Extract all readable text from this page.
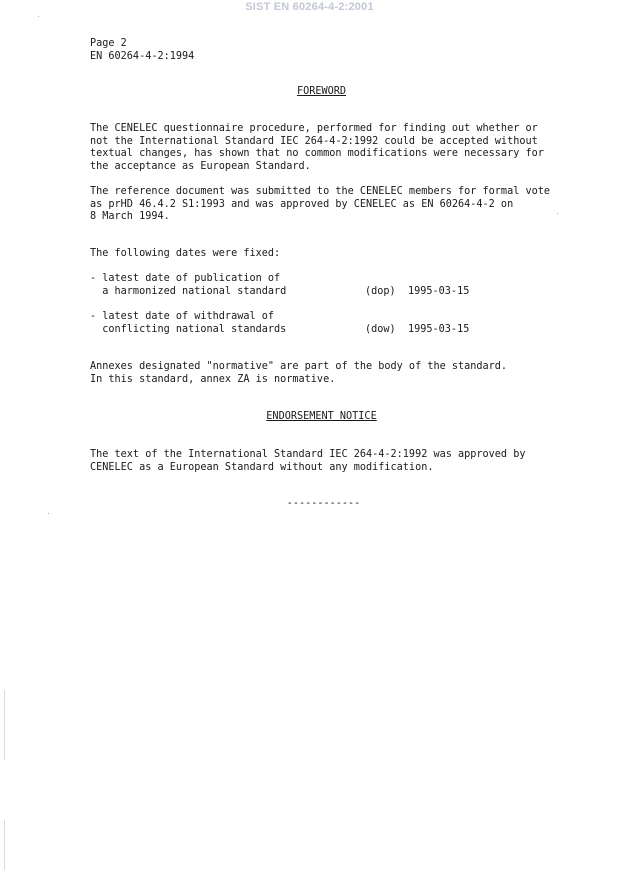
SIST EN 60264-4-2:2001
Page 2
EN 60264-4-2:1994
FOREWORD
The CENELEC questionnaire procedure, performed for finding out whether or
not the International Standard IEC 264-4-2:1992 could be accepted without
textual changes, has shown that no common modifications were necessary for
the acceptance as European Standard.
The reference document was submitted to the CENELEC members for formal vote
as prHD 46.4.2 S1:1993 and was approved by CENELEC as EN 60264-4-2 on
8 March 1994.
The following dates were fixed:
- latest date of publication of
a harmonized national standard	(dop) 1995-03-15
- latest date of withdrawal of
conflicting national standards	(dow) 1995-03-15
Annexes designated "normative" are part of the body of the standard.
In this standard, annex ZA is normative.
ENDORSEMENT NOTICE
The text of the International Standard IEC 264-4-2:1992 was approved by
CENELEC as a European Standard without any modification.
------------
